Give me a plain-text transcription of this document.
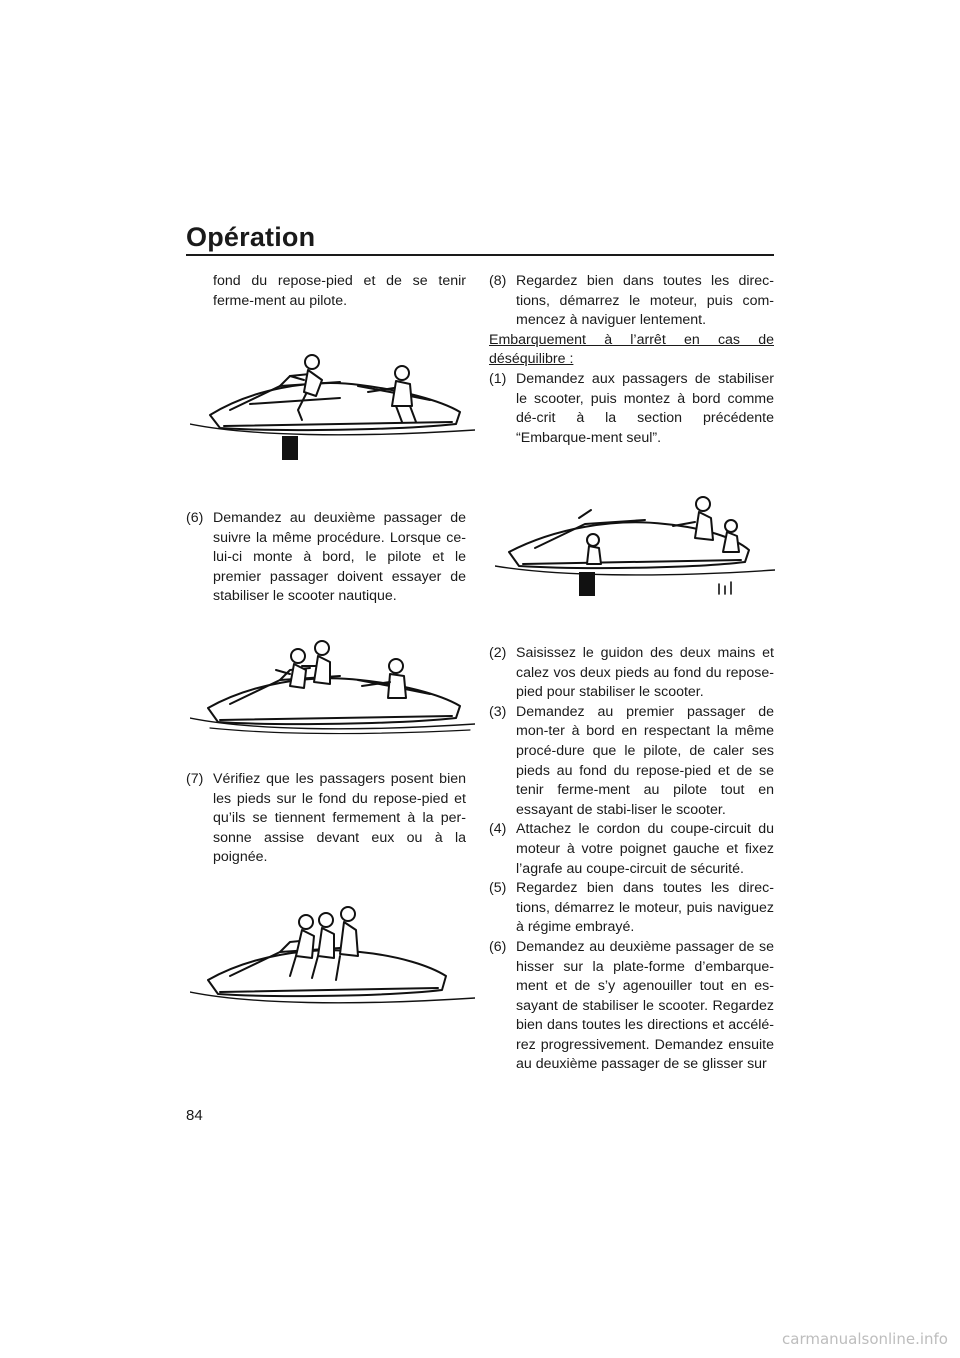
Opération

fond du repose-pied et de se tenir ferme-ment au pilote.

(6) Demandez au deuxième passager de suivre la même procédure. Lorsque ce-lui-ci monte à bord, le pilote et le premier passager doivent essayer de stabiliser le scooter nautique.

(7) Vérifiez que les passagers posent bien les pieds sur le fond du repose-pied et qu’ils se tiennent fermement à la per-sonne assise devant eux ou à la poignée.

(8) Regardez bien dans toutes les direc-tions, démarrez le moteur, puis com-mencez à naviguer lentement.

Embarquement à l’arrêt en cas de déséquilibre :

(1) Demandez aux passagers de stabiliser le scooter, puis montez à bord comme dé-crit à la section précédente “Embarque-ment seul”.

(2) Saisissez le guidon des deux mains et calez vos deux pieds au fond du repose-pied pour stabiliser le scooter.

(3) Demandez au premier passager de mon-ter à bord en respectant la même procé-dure que le pilote, de caler ses pieds au fond du repose-pied et de se tenir ferme-ment au pilote tout en essayant de stabi-liser le scooter.

(4) Attachez le cordon du coupe-circuit du moteur à votre poignet gauche et fixez l’agrafe au coupe-circuit de sécurité.

(5) Regardez bien dans toutes les direc-tions, démarrez le moteur, puis naviguez à régime embrayé.

(6) Demandez au deuxième passager de se hisser sur la plate-forme d’embarque-ment et de s’y agenouiller tout en es-sayant de stabiliser le scooter. Regardez bien dans toutes les directions et accélé-rez progressivement. Demandez ensuite au deuxième passager de se glisser sur

84
carmanualsonline.info
